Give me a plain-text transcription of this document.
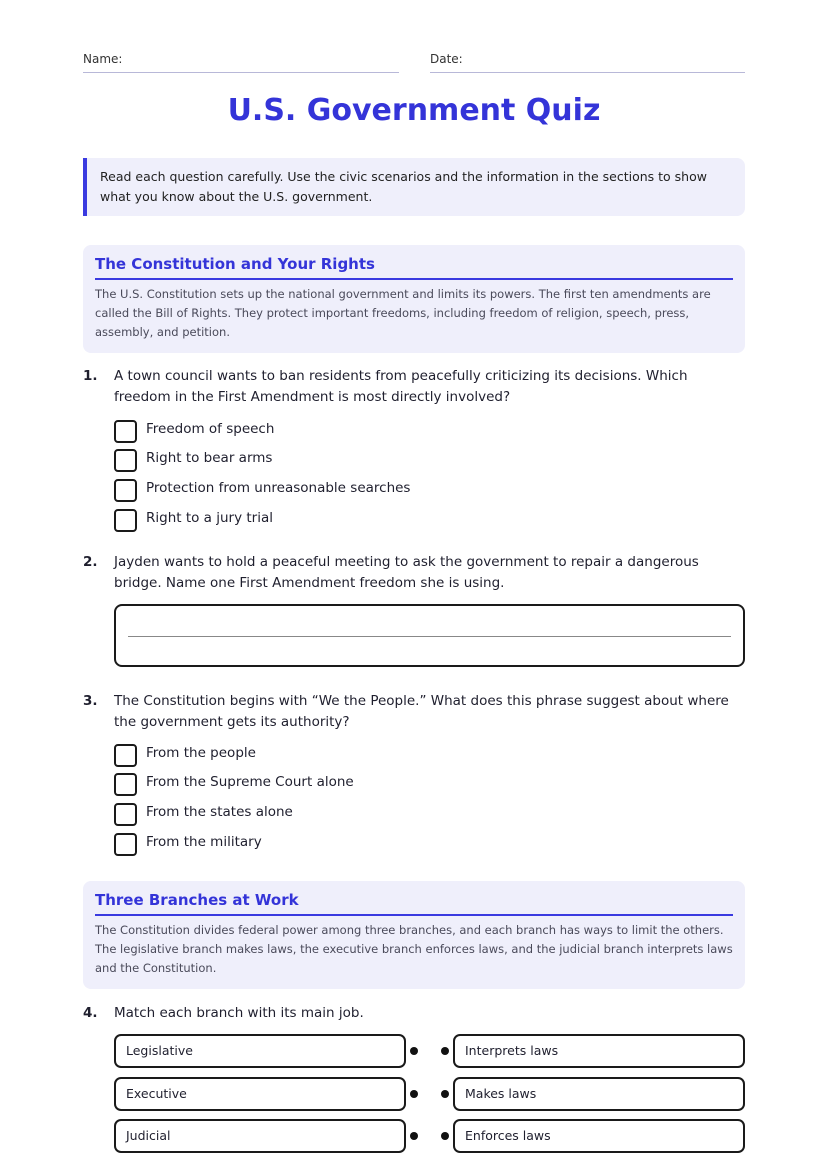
Name:	Date:
U.S. Government Quiz
Read each question carefully. Use the civic scenarios and the information in the sections to show what you know about the U.S. government.
The Constitution and Your Rights
The U.S. Constitution sets up the national government and limits its powers. The first ten amendments are called the Bill of Rights. They protect important freedoms, including freedom of religion, speech, press, assembly, and petition.
1. A town council wants to ban residents from peacefully criticizing its decisions. Which freedom in the First Amendment is most directly involved?
Freedom of speech
Right to bear arms
Protection from unreasonable searches
Right to a jury trial
2. Jayden wants to hold a peaceful meeting to ask the government to repair a dangerous bridge. Name one First Amendment freedom she is using.
3. The Constitution begins with “We the People.” What does this phrase suggest about where the government gets its authority?
From the people
From the Supreme Court alone
From the states alone
From the military
Three Branches at Work
The Constitution divides federal power among three branches, and each branch has ways to limit the others. The legislative branch makes laws, the executive branch enforces laws, and the judicial branch interprets laws and the Constitution.
4. Match each branch with its main job.
Legislative	Interprets laws
Executive	Makes laws
Judicial	Enforces laws
